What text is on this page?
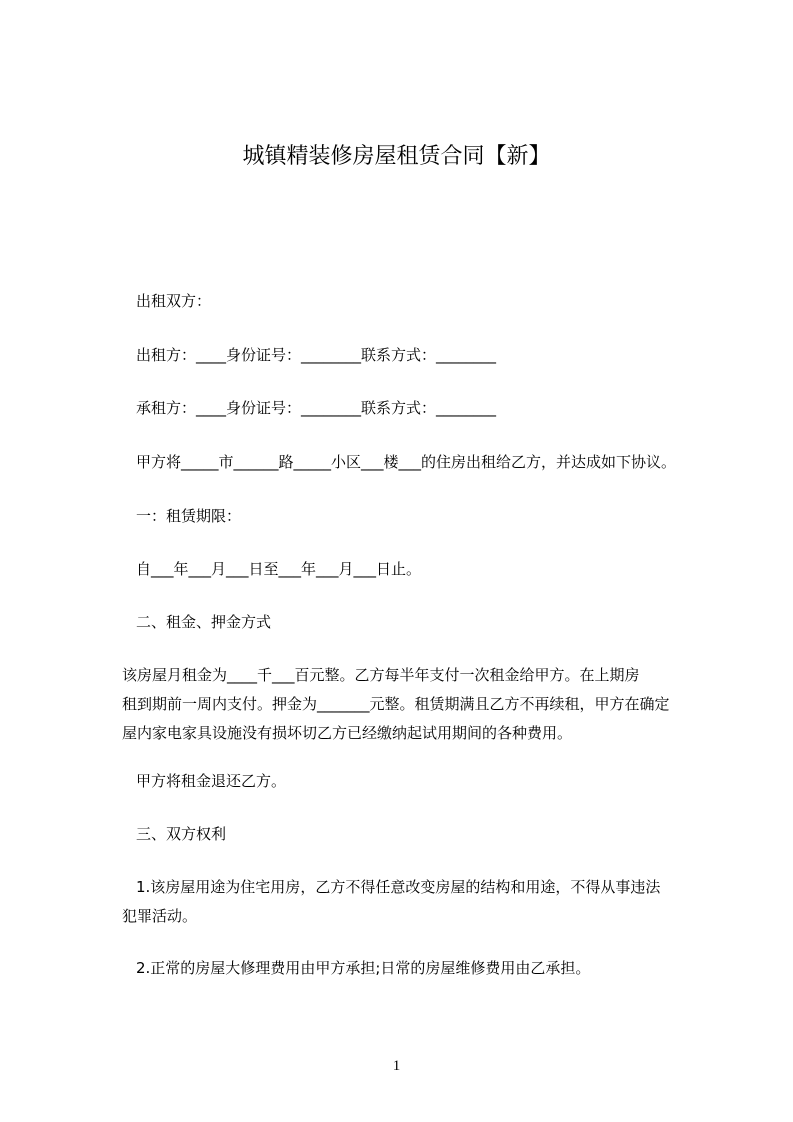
城镇精装修房屋租赁合同【新】

出租双方：

出租方：____身份证号：________联系方式：________

承租方：____身份证号：________联系方式：________

甲方将_____市______路_____小区___楼___的住房出租给乙方，并达成如下协议。

一：租赁期限：

自___年___月___日至___年___月___日止。

二、租金、押金方式

该房屋月租金为____千___百元整。乙方每半年支付一次租金给甲方。在上期房
租到期前一周内支付。押金为_______元整。租赁期满且乙方不再续租，甲方在确定
屋内家电家具设施没有损坏切乙方已经缴纳起试用期间的各种费用。

甲方将租金退还乙方。

三、双方权利

1.该房屋用途为住宅用房，乙方不得任意改变房屋的结构和用途，不得从事违法
犯罪活动。

2.正常的房屋大修理费用由甲方承担;日常的房屋维修费用由乙承担。

1
